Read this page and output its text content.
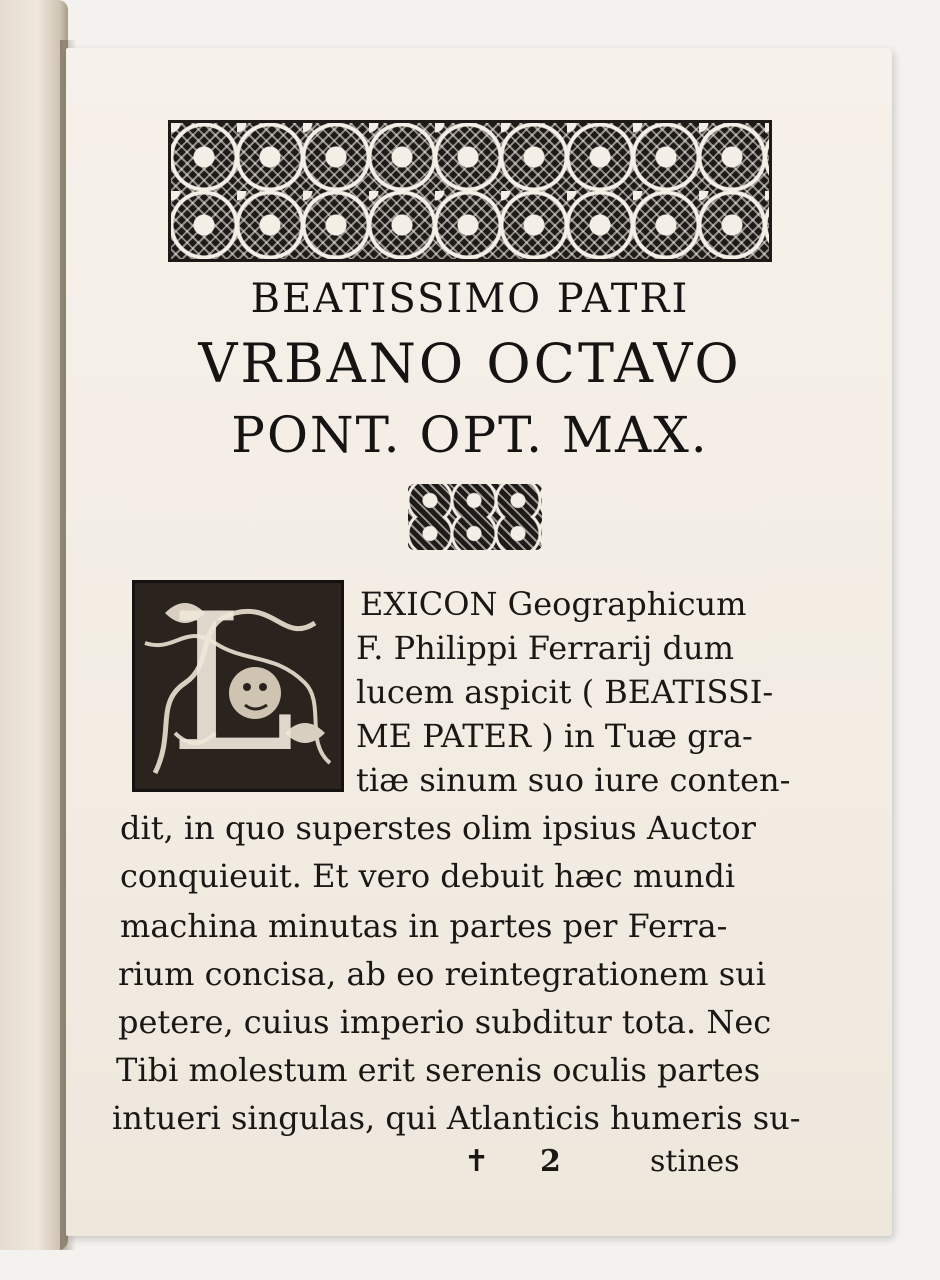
BEATISSIMO PATRI
VRBANO OCTAVO
PONT. OPT. MAX.
L EXICON Geographicum
F. Philippi Ferrarij dum
lucem aspicit ( BEATISSI-
ME PATER ) in Tuæ gra-
tiæ sinum suo iure conten-
dit, in quo superstes olim ipsius Auctor
conquieuit. Et vero debuit hæc mundi
machina minutas in partes per Ferra-
rium concisa, ab eo reintegrationem sui
petere, cuius imperio subditur tota. Nec
Tibi molestum erit serenis oculis partes
intueri singulas, qui Atlanticis humeris su-
✝ 2	stines
